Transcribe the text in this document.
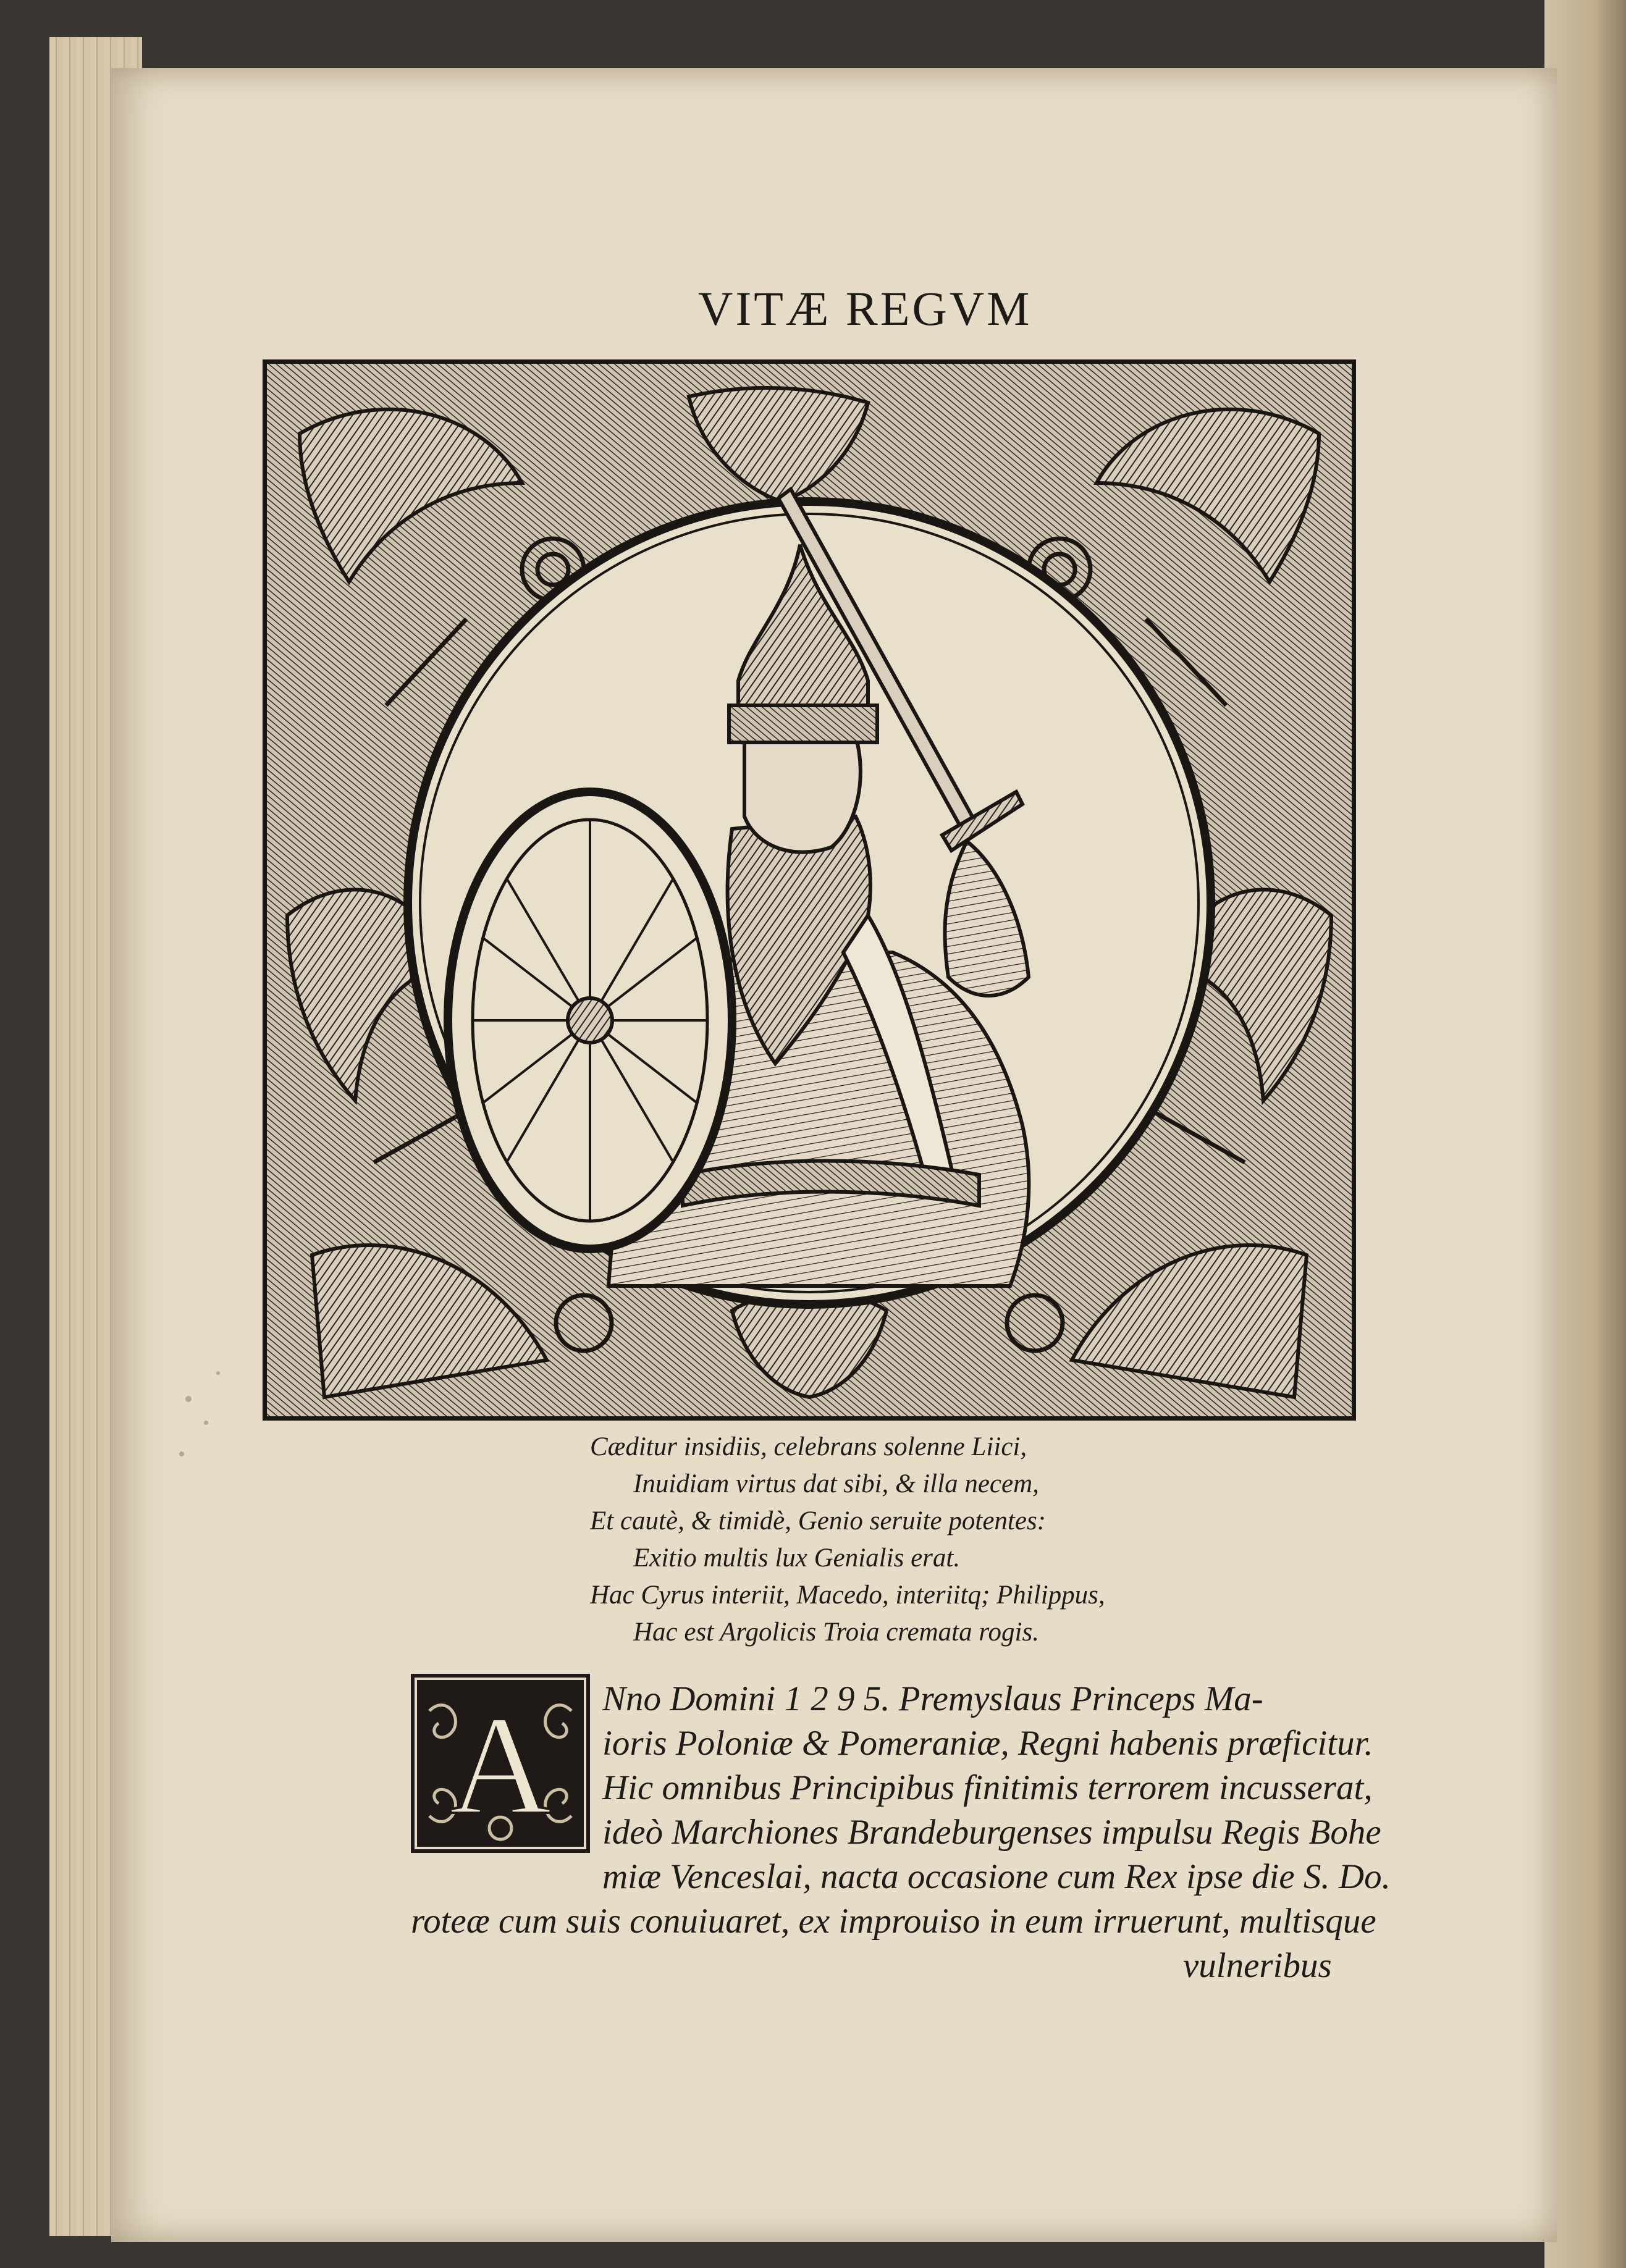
VITÆ REGVM
Cæditur insidiis, celebrans solenne Liici,
Inuidiam virtus dat sibi, & illa necem,
Et cautè, & timidè, Genio seruite potentes:
Exitio multis lux Genialis erat.
Hac Cyrus interiit, Macedo, interiitq; Philippus,
Hac est Argolicis Troia cremata rogis.
A Nno Domini 1 2 9 5. Premyslaus Princeps Ma-
ioris Poloniæ & Pomeraniæ, Regni habenis præficitur.
Hic omnibus Principibus finitimis terrorem incusserat,
ideò Marchiones Brandeburgenses impulsu Regis Bohe
miæ Venceslai, nacta occasione cum Rex ipse die S. Do.
roteæ cum suis conuiuaret, ex improuiso in eum irruerunt, multisque
vulneribus
